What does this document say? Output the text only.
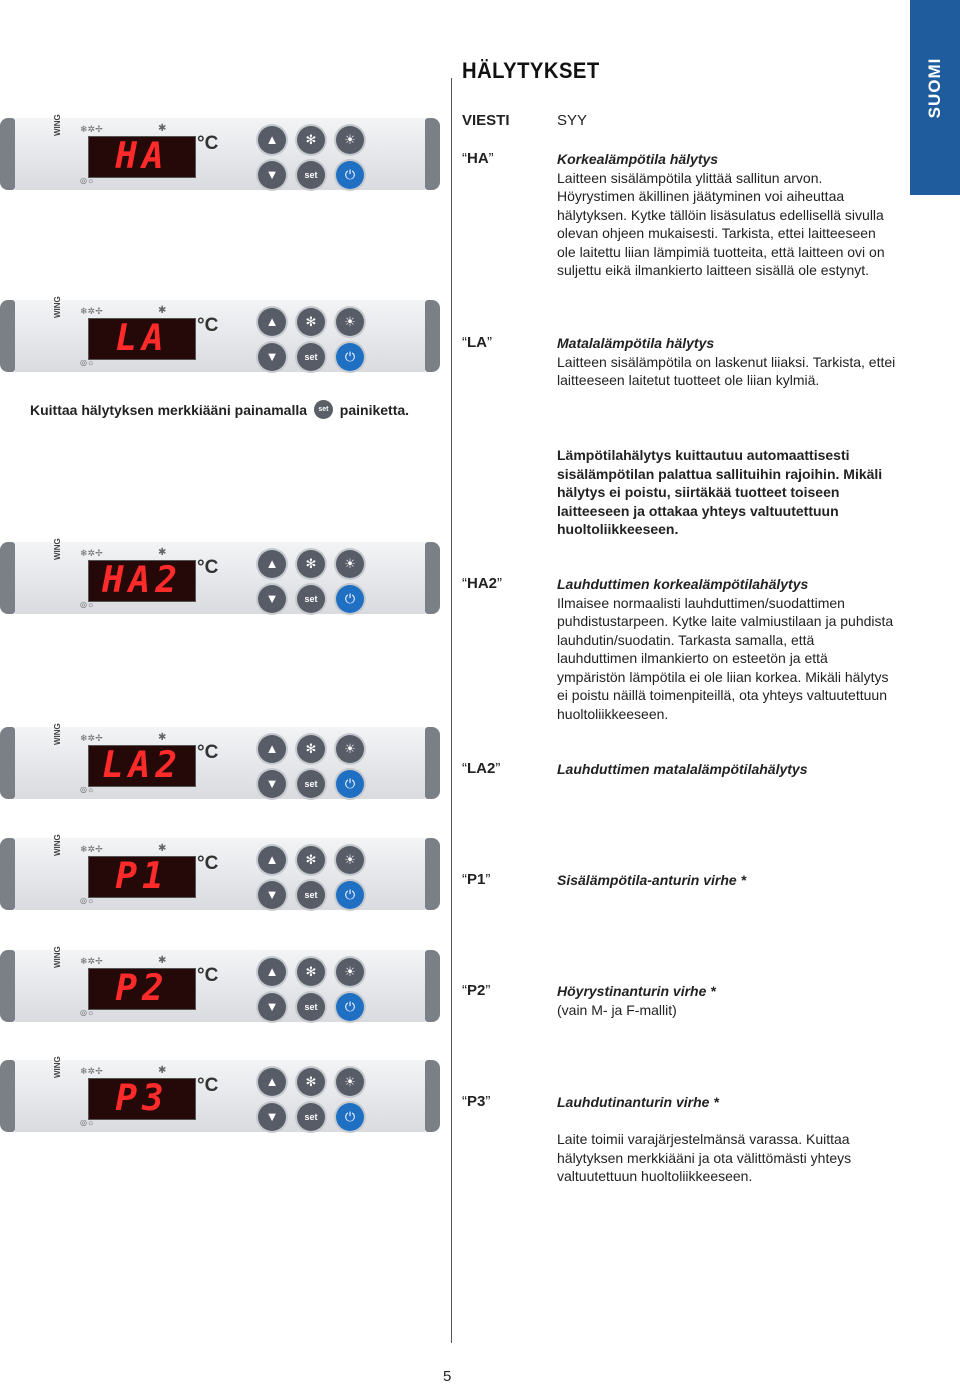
SUOMI
HÄLYTYKSET
VIESTI	SYY
WING ❄✲✢	✱
HA	°C
◎☼
▲	✻	☀
▼	set	⏻
WING ❄✲✢	✱
LA	°C
◎☼
▲	✻	☀
▼	set	⏻
WING ❄✲✢	✱
HA2 °C
◎☼
▲	✻	☀
▼	set	⏻
WING ❄✲✢	✱
LA2 °C
◎☼
▲	✻	☀
▼	set	⏻
WING ❄✲✢	✱
P1	°C
◎☼
▲	✻	☀
▼	set	⏻
WING ❄✲✢	✱
P2	°C
◎☼
▲	✻	☀
▼	set	⏻
WING ❄✲✢	✱
P3	°C
◎☼
▲	✻	☀
▼	set	⏻
“HA”	Korkealämpötila hälytys
Laitteen sisälämpötila ylittää sallitun arvon. Höyrystimen äkillinen jäätyminen voi aiheuttaa hälytyksen. Kytke tällöin lisäsulatus edellisellä sivulla olevan ohjeen mukaisesti. Tarkista, ettei laitteeseen ole laitettu liian lämpimiä tuotteita, että laitteen ovi on suljettu eikä ilmankierto laitteen sisällä ole estynyt.
“LA”	Matalalämpötila hälytys
Laitteen sisälämpötila on laskenut liiaksi. Tarkista, ettei laitteeseen laitetut tuotteet ole liian kylmiä.
Kuittaa hälytyksen merkkiääni painamalla set painiketta.
Lämpötilahälytys kuittautuu automaattisesti sisälämpötilan palattua sallituihin rajoihin. Mikäli hälytys ei poistu, siirtäkää tuotteet toiseen laitteeseen ja ottakaa yhteys valtuutettuun huoltoliikkeeseen.
“HA2”	Lauhduttimen korkealämpötilahälytys
Ilmaisee normaalisti lauhduttimen/suodattimen puhdistustarpeen. Kytke laite valmiustilaan ja puhdista lauhdutin/suodatin. Tarkasta samalla, että lauhduttimen ilmankierto on esteetön ja että ympäristön lämpötila ei ole liian korkea. Mikäli hälytys ei poistu näillä toimenpiteillä, ota yhteys valtuutettuun huoltoliikkeeseen.
“LA2”	Lauhduttimen matalalämpötilahälytys
“P1”	Sisälämpötila-anturin virhe *
“P2”	Höyrystinanturin virhe *
(vain M- ja F-mallit)
“P3”	Lauhdutinanturin virhe *
Laite toimii varajärjestelmänsä varassa. Kuittaa hälytyksen merkkiääni ja ota välittömästi yhteys valtuutettuun huoltoliikkeeseen.
5
